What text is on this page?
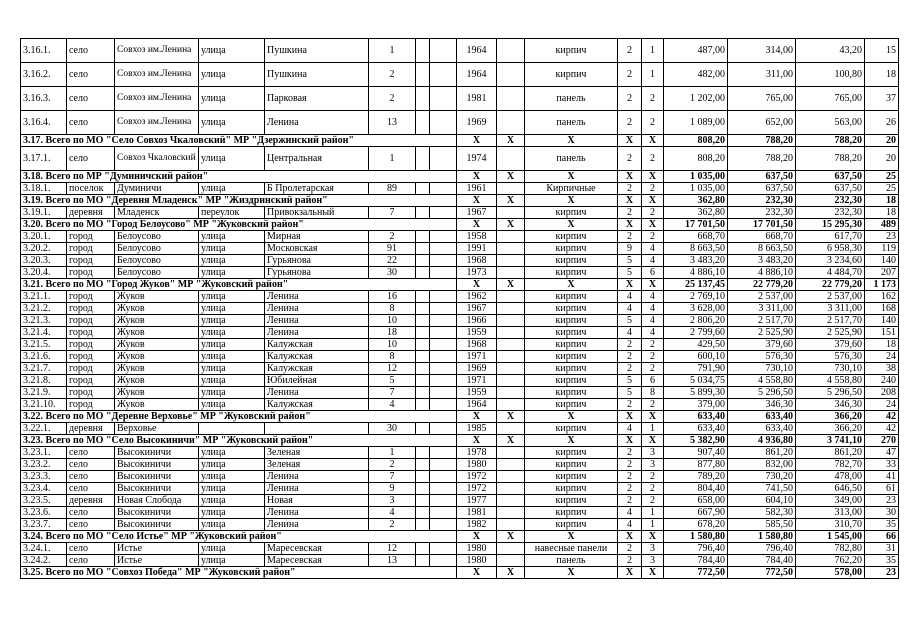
3.16.1.	село	Совхоз им.Ленина	улица	Пушкина	1			1964		кирпич	2	1	487,00	314,00	43,20	15
3.16.2.	село	Совхоз им.Ленина	улица	Пушкина	2			1964		кирпич	2	1	482,00	311,00	100,80	18
3.16.3.	село	Совхоз им.Ленина	улица	Парковая	2			1981		панель	2	2	1 202,00	765,00	765,00	37
3.16.4.	село	Совхоз им.Ленина	улица	Ленина	13			1969		панель	2	2	1 089,00	652,00	563,00	26
3.17. Всего по МО "Село Совхоз Чкаловский" МР "Дзержинский район"								X	X	X	X	X	808,20	788,20	788,20	20
3.17.1.	село	Совхоз Чкаловский	улица	Центральная	1			1974		панель	2	2	808,20	788,20	788,20	20
3.18. Всего по МР "Думиничский район"								X	X	X	X	X	1 035,00	637,50	637,50	25
3.18.1.	поселок	Думиничи	улица	Б Пролетарская	89			1961		Кирпичные	2	2	1 035,00	637,50	637,50	25
3.19. Всего по МО "Деревня Младенск" МР "Жиздринский район"								X	X	X	X	X	362,80	232,30	232,30	18
3.19.1.	деревня	Младенск	переулок	Привокзальный	7			1967		кирпич	2	2	362,80	232,30	232,30	18
3.20. Всего по МО "Город Белоусово" МР "Жуковский район"								X	X	X	X	X	17 701,50	17 701,50	15 295,30	489
3.20.1.	город	Белоусово	улица	Мирная	2			1958		кирпич	2	2	668,70	668,70	617,70	23
3.20.2.	город	Белоусово	улица	Московская	91			1991		кирпич	9	4	8 663,50	8 663,50	6 958,30	119
3.20.3.	город	Белоусово	улица	Гурьянова	22			1968		кирпич	5	4	3 483,20	3 483,20	3 234,60	140
3.20.4.	город	Белоусово	улица	Гурьянова	30			1973		кирпич	5	6	4 886,10	4 886,10	4 484,70	207
3.21. Всего по МО "Город Жуков" МР "Жуковский район"								X	X	X	X	X	25 137,45	22 779,20	22 779,20	1 173
3.21.1.	город	Жуков	улица	Ленина	16			1962		кирпич	4	4	2 769,10	2 537,00	2 537,00	162
3.21.2.	город	Жуков	улица	Ленина	8			1967		кирпич	4	4	3 628,00	3 311,00	3 311,00	168
3.21.3.	город	Жуков	улица	Ленина	10			1966		кирпич	5	4	2 806,20	2 517,70	2 517,70	140
3.21.4.	город	Жуков	улица	Ленина	18			1959		кирпич	4	4	2 799,60	2 525,90	2 525,90	151
3.21.5.	город	Жуков	улица	Калужская	10			1968		кирпич	2	2	429,50	379,60	379,60	18
3.21.6.	город	Жуков	улица	Калужская	8			1971		кирпич	2	2	600,10	576,30	576,30	24
3.21.7.	город	Жуков	улица	Калужская	12			1969		кирпич	2	2	791,90	730,10	730,10	38
3.21.8.	город	Жуков	улица	Юбилейная	5			1971		кирпич	5	6	5 034,75	4 558,80	4 558,80	240
3.21.9.	город	Жуков	улица	Ленина	7			1959		кирпич	5	8	5 899,30	5 296,50	5 296,50	208
3.21.10.	город	Жуков	улица	Калужская	4			1964		кирпич	2	2	379,00	346,30	346,30	24
3.22. Всего по МО "Деревне Верховье" МР "Жуковский район"								X	X	X	X	X	633,40	633,40	366,20	42
3.22.1.	деревня	Верховье			30			1985		кирпич	4	1	633,40	633,40	366,20	42
3.23. Всего по МО "Село Высокиничи" МР "Жуковский район"								X	X	X	X	X	5 382,90	4 936,80	3 741,10	270
3.23.1.	село	Высокиничи	улица	Зеленая	1			1978		кирпич	2	3	907,40	861,20	861,20	47
3.23.2.	село	Высокиничи	улица	Зеленая	2			1980		кирпич	2	3	877,80	832,00	782,70	33
3.23.3.	село	Высокиничи	улица	Ленина	7			1972		кирпич	2	2	789,20	730,20	478,00	41
3.23.4.	село	Высокиничи	улица	Ленина	9			1972		кирпич	2	2	804,40	741,50	646,50	61
3.23.5.	деревня	Новая Слобода	улица	Новая	3			1977		кирпич	2	2	658,00	604,10	349,00	23
3.23.6.	село	Высокиничи	улица	Ленина	4			1981		кирпич	4	1	667,90	582,30	313,00	30
3.23.7.	село	Высокиничи	улица	Ленина	2			1982		кирпич	4	1	678,20	585,50	310,70	35
3.24. Всего по МО "Село Истье" МР "Жуковский район"								X	X	X	X	X	1 580,80	1 580,80	1 545,00	66
3.24.1.	село	Истье	улица	Маресевская	12			1980		навесные панели	2	3	796,40	796,40	782,80	31
3.24.2.	село	Истье	улица	Маресевская	13			1980		панель	2	3	784,40	784,40	762,20	35
3.25. Всего по МО "Совхоз Победа" МР "Жуковский район"								X	X	X	X	X	772,50	772,50	578,00	23
